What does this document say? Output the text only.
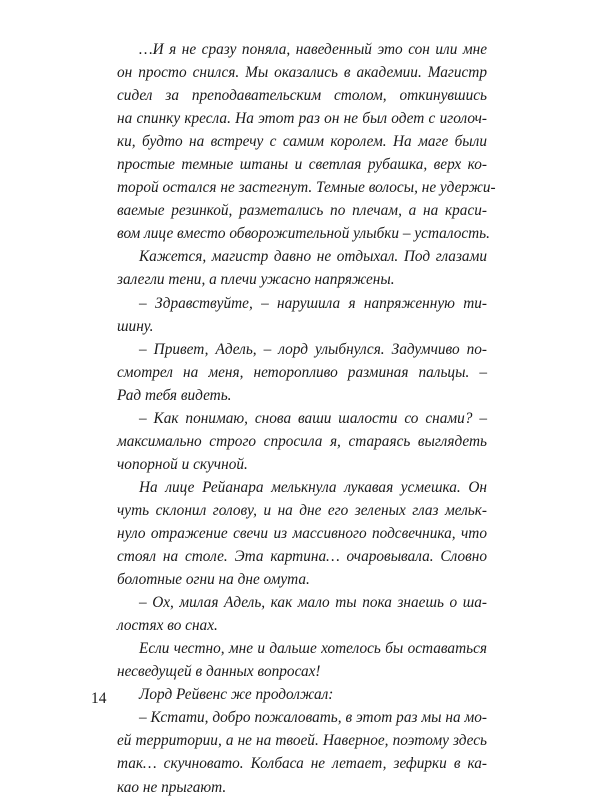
…И я не сразу поняла, наведенный это сон или мне
он просто снился. Мы оказались в академии. Магистр
сидел за преподавательским столом, откинувшись
на спинку кресла. На этот раз он не был одет с иголоч-
ки, будто на встречу с самим королем. На маге были
простые темные штаны и светлая рубашка, верх ко-
торой остался не застегнут. Темные волосы, не удержи-
ваемые резинкой, разметались по плечам, а на краси-
вом лице вместо обворожительной улыбки – усталость.
Кажется, магистр давно не отдыхал. Под глазами
залегли тени, а плечи ужасно напряжены.
– Здравствуйте, – нарушила я напряженную ти-
шину.
– Привет, Адель, – лорд улыбнулся. Задумчиво по-
смотрел на меня, неторопливо разминая пальцы. –
Рад тебя видеть.
– Как понимаю, снова ваши шалости со снами? –
максимально строго спросила я, стараясь выглядеть
чопорной и скучной.
На лице Рейанара мелькнула лукавая усмешка. Он
чуть склонил голову, и на дне его зеленых глаз мельк-
нуло отражение свечи из массивного подсвечника, что
стоял на столе. Эта картина… очаровывала. Словно
болотные огни на дне омута.
– Ох, милая Адель, как мало ты пока знаешь о ша-
лостях во снах.
Если честно, мне и дальше хотелось бы оставаться
несведущей в данных вопросах!
Лорд Рейвенс же продолжал:
– Кстати, добро пожаловать, в этот раз мы на мо-
ей территории, а не на твоей. Наверное, поэтому здесь
так… скучновато. Колбаса не летает, зефирки в ка-
као не прыгают.
14
